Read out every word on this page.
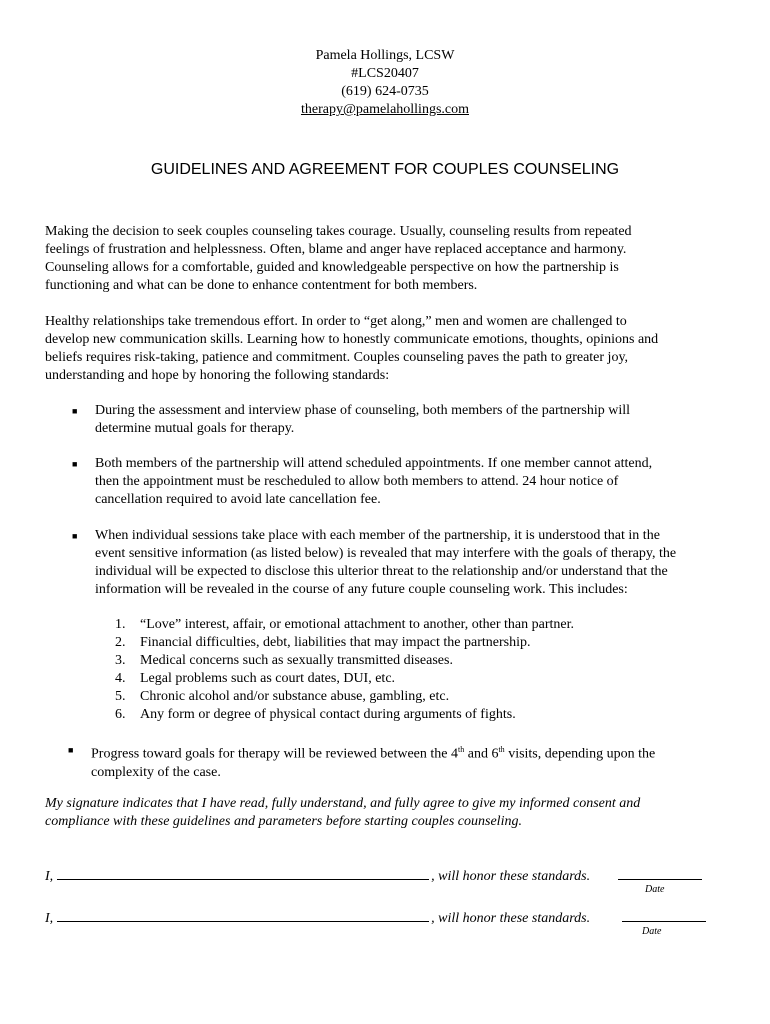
Pamela Hollings, LCSW
#LCS20407
(619) 624-0735
therapy@pamelahollings.com
GUIDELINES AND AGREEMENT FOR COUPLES COUNSELING
Making the decision to seek couples counseling takes courage. Usually, counseling results from repeated
feelings of frustration and helplessness. Often, blame and anger have replaced acceptance and harmony.
Counseling allows for a comfortable, guided and knowledgeable perspective on how the partnership is
functioning and what can be done to enhance contentment for both members.
Healthy relationships take tremendous effort. In order to “get along,” men and women are challenged to
develop new communication skills. Learning how to honestly communicate emotions, thoughts, opinions and
beliefs requires risk-taking, patience and commitment. Couples counseling paves the path to greater joy,
understanding and hope by honoring the following standards:
■ During the assessment and interview phase of counseling, both members of the partnership will
determine mutual goals for therapy.
■ Both members of the partnership will attend scheduled appointments. If one member cannot attend,
then the appointment must be rescheduled to allow both members to attend. 24 hour notice of
cancellation required to avoid late cancellation fee.
■ When individual sessions take place with each member of the partnership, it is understood that in the
event sensitive information (as listed below) is revealed that may interfere with the goals of therapy, the
individual will be expected to disclose this ulterior threat to the relationship and/or understand that the
information will be revealed in the course of any future couple counseling work. This includes:
1.	“Love” interest, affair, or emotional attachment to another, other than partner.
2.	Financial difficulties, debt, liabilities that may impact the partnership.
3.	Medical concerns such as sexually transmitted diseases.
4.	Legal problems such as court dates, DUI, etc.
5.	Chronic alcohol and/or substance abuse, gambling, etc.
6.	Any form or degree of physical contact during arguments of fights.
■ Progress toward goals for therapy will be reviewed between the 4th and 6th visits, depending upon the
complexity of the case.
My signature indicates that I have read, fully understand, and fully agree to give my informed consent and
compliance with these guidelines and parameters before starting couples counseling.
I,	, will honor these standards.
Date
I,	, will honor these standards.
Date
